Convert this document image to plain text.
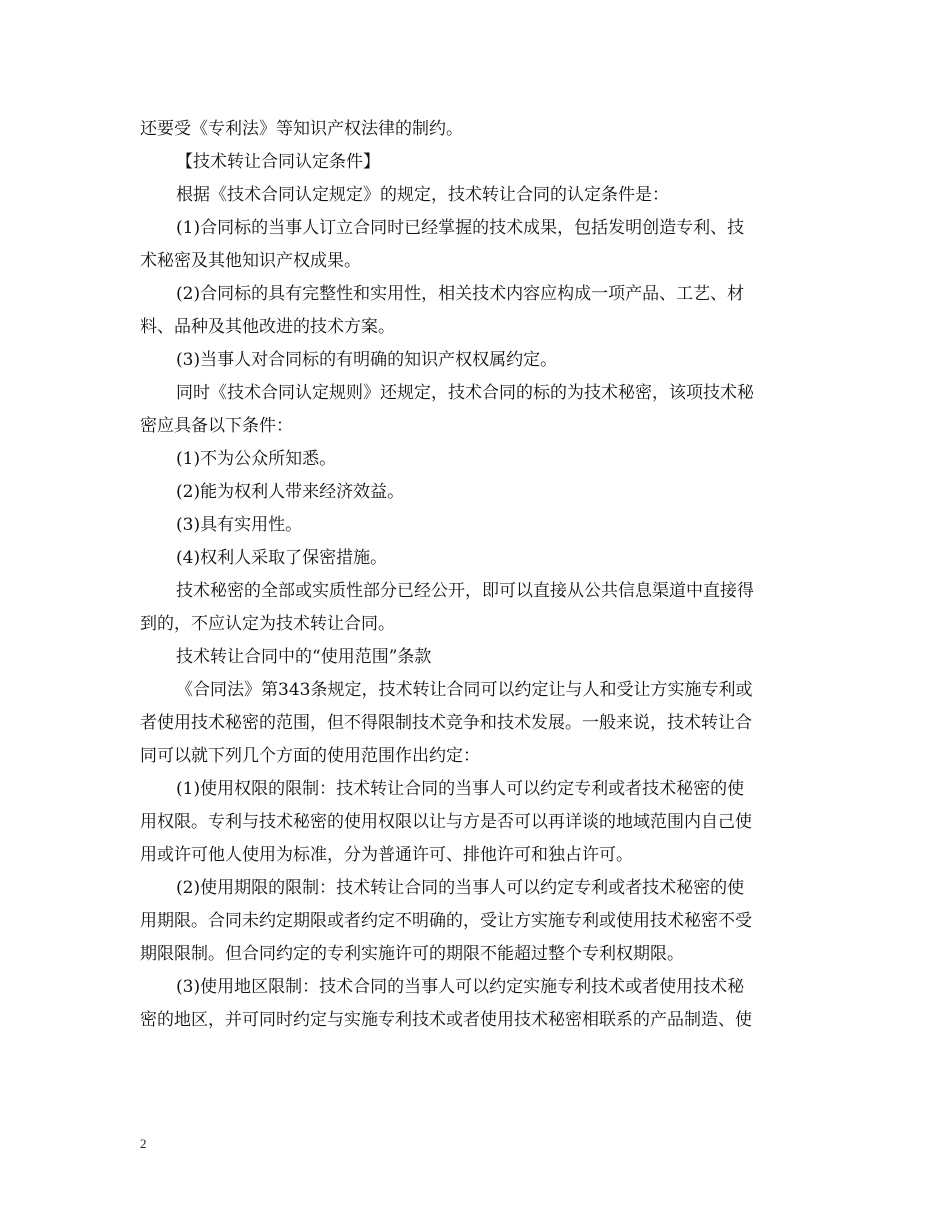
还要受《专利法》等知识产权法律的制约。
【技术转让合同认定条件】
根据《技术合同认定规定》的规定，技术转让合同的认定条件是：
(1)合同标的当事人订立合同时已经掌握的技术成果，包括发明创造专利、技
术秘密及其他知识产权成果。
(2)合同标的具有完整性和实用性，相关技术内容应构成一项产品、工艺、材
料、品种及其他改进的技术方案。
(3)当事人对合同标的有明确的知识产权权属约定。
同时《技术合同认定规则》还规定，技术合同的标的为技术秘密，该项技术秘
密应具备以下条件：
(1)不为公众所知悉。
(2)能为权利人带来经济效益。
(3)具有实用性。
(4)权利人采取了保密措施。
技术秘密的全部或实质性部分已经公开，即可以直接从公共信息渠道中直接得
到的，不应认定为技术转让合同。
技术转让合同中的“使用范围”条款
《合同法》第343条规定，技术转让合同可以约定让与人和受让方实施专利或
者使用技术秘密的范围，但不得限制技术竞争和技术发展。一般来说，技术转让合
同可以就下列几个方面的使用范围作出约定：
(1)使用权限的限制：技术转让合同的当事人可以约定专利或者技术秘密的使
用权限。专利与技术秘密的使用权限以让与方是否可以再详谈的地域范围内自己使
用或许可他人使用为标准，分为普通许可、排他许可和独占许可。
(2)使用期限的限制：技术转让合同的当事人可以约定专利或者技术秘密的使
用期限。合同未约定期限或者约定不明确的，受让方实施专利或使用技术秘密不受
期限限制。但合同约定的专利实施许可的期限不能超过整个专利权期限。
(3)使用地区限制：技术合同的当事人可以约定实施专利技术或者使用技术秘
密的地区，并可同时约定与实施专利技术或者使用技术秘密相联系的产品制造、使
2
